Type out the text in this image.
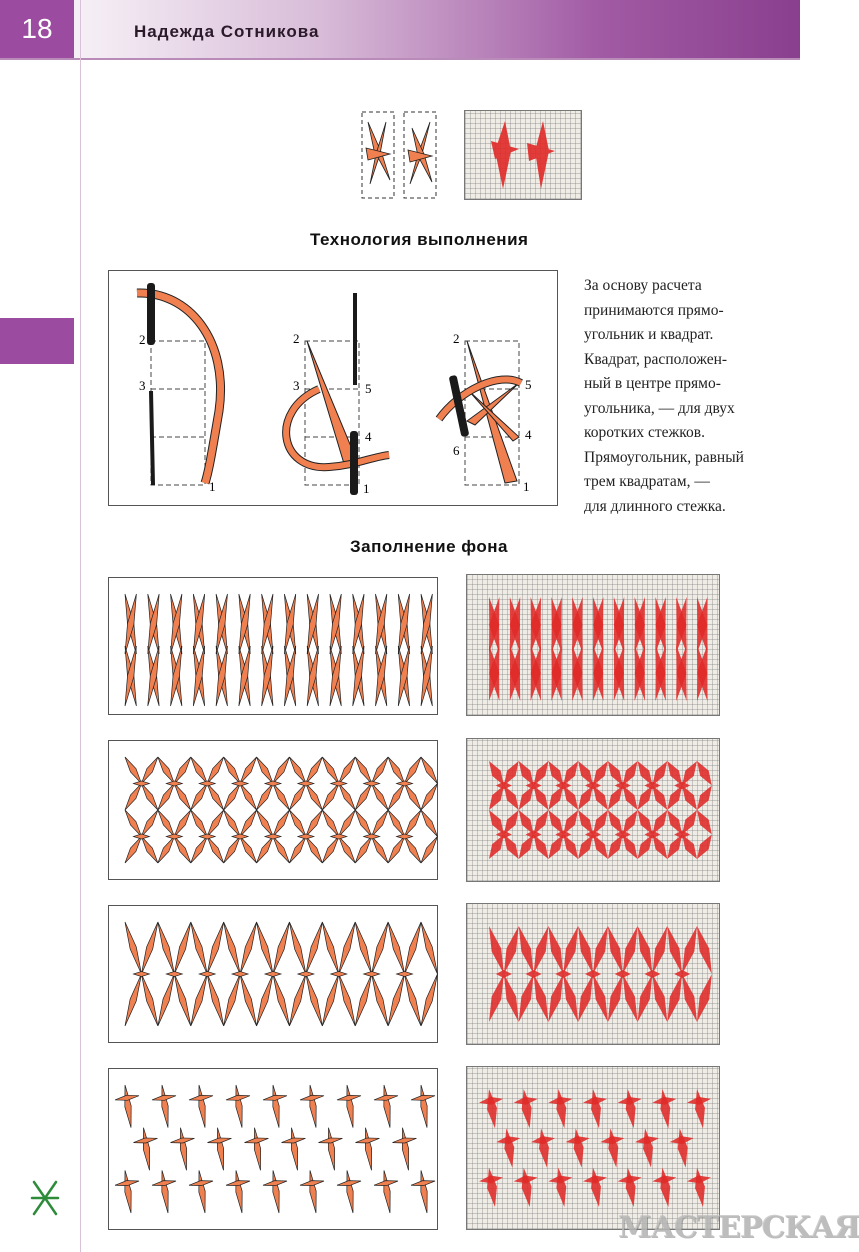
18	Надежда Сотникова
Технология выполнения
2
3
1
2
3	5
4
1
2
5
4
6
1
За основу расчета
принимаются прямо-
угольник и квадрат.
Квадрат, расположен-
ный в центре прямо-
угольника, — для двух
коротких стежков.
Прямоугольник, равный
трем квадратам, —
для длинного стежка.
Заполнение фона
МАСТЕРСКАЯ
